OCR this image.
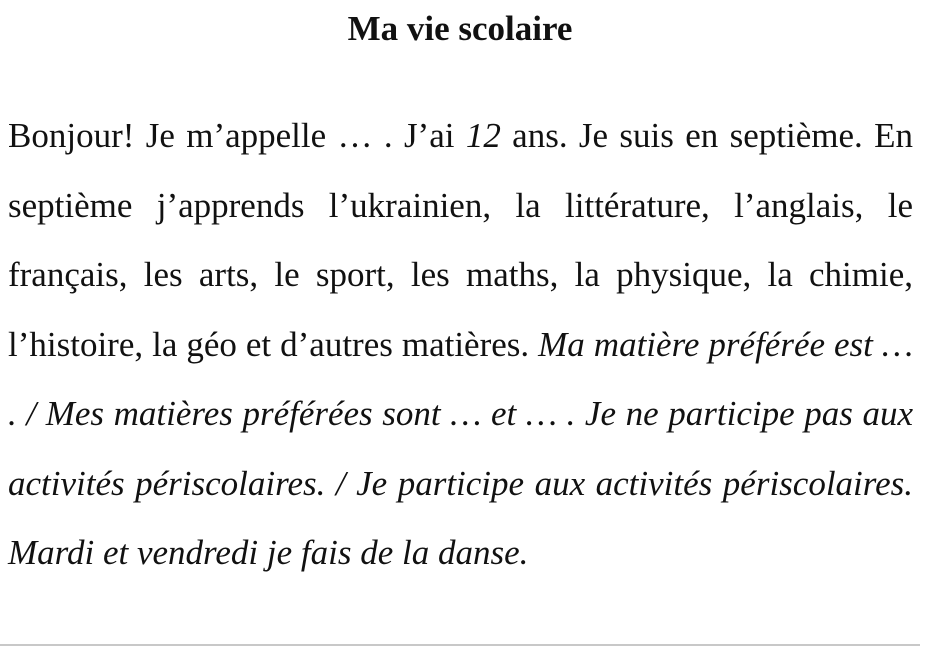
Ma vie scolaire

Bonjour! Je m’appelle … . J’ai 12 ans. Je suis en septième. En septième j’apprends l’ukrainien, la littérature, l’anglais, le français, les arts, le sport, les maths, la physique, la chimie, l’histoire, la géo et d’autres matières. Ma matière préférée est … . / Mes matières préférées sont … et … . Je ne participe pas aux activités périscolaires. / Je participe aux activités périscolaires. Mardi et vendredi je fais de la danse.
